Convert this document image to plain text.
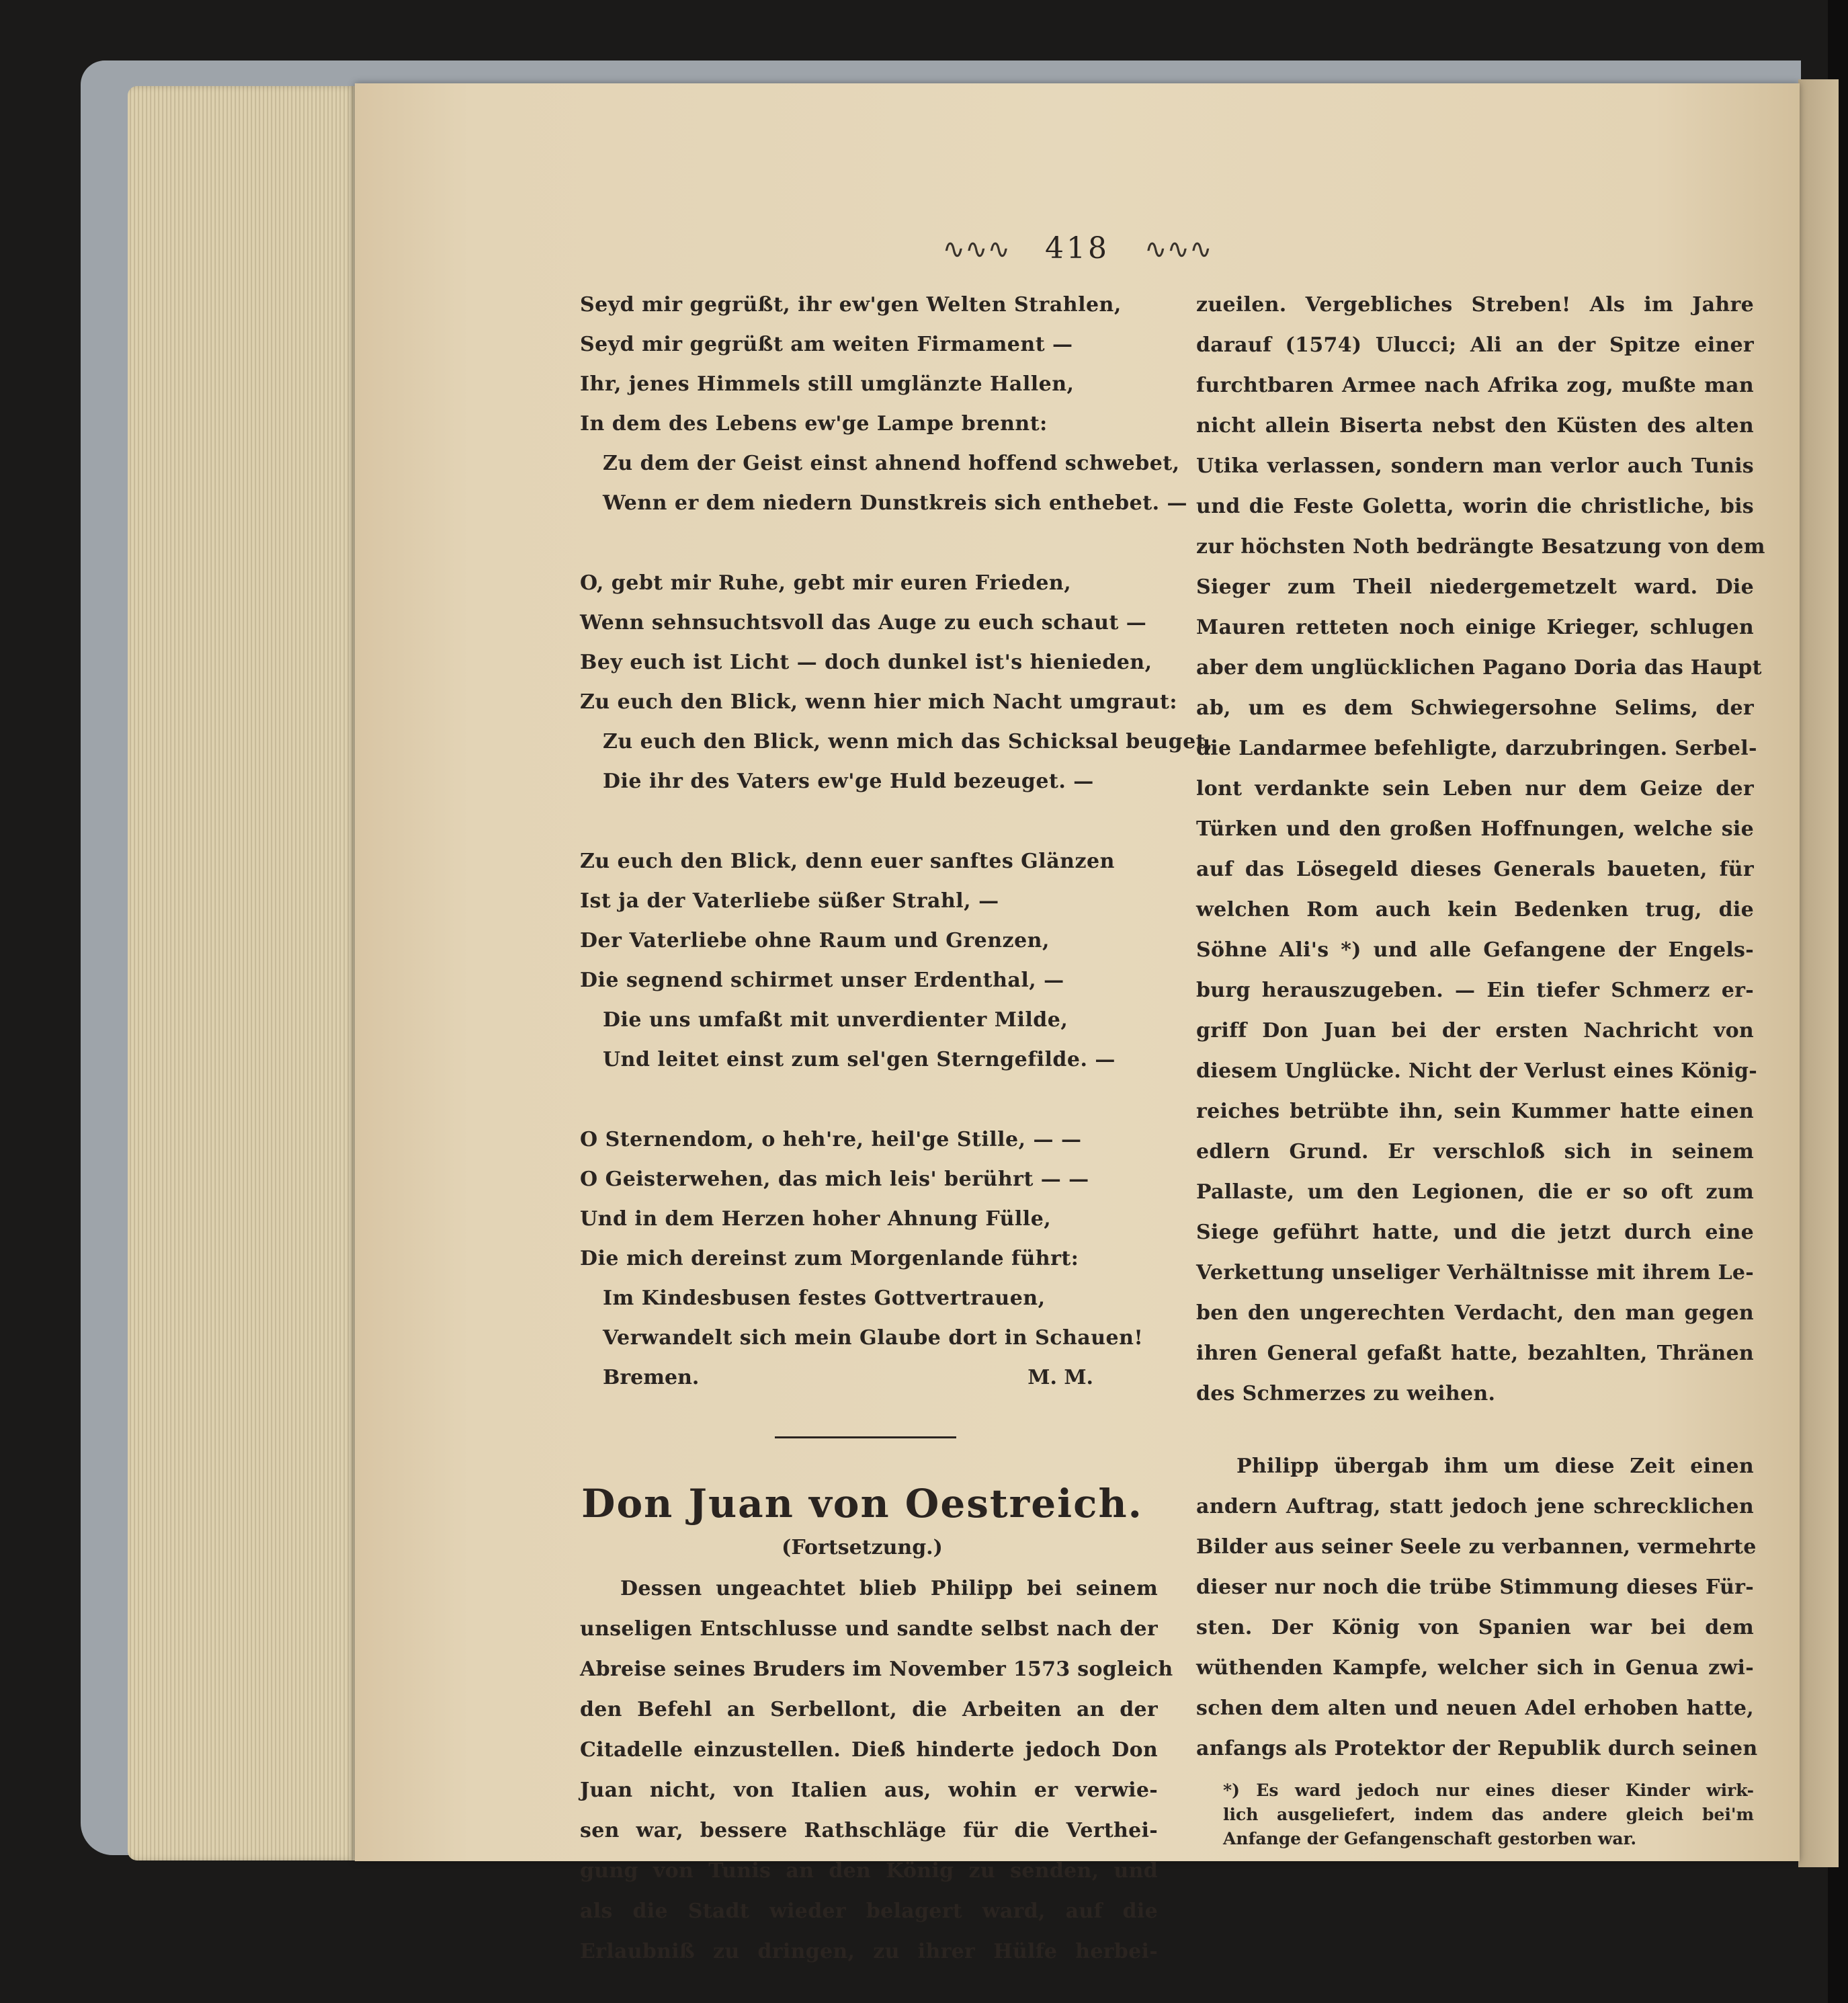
∿∿∿ 418 ∿∿∿
Seyd mir gegrüßt, ihr ew'gen Welten Strahlen,
Seyd mir gegrüßt am weiten Firmament —
Ihr, jenes Himmels still umglänzte Hallen,
In dem des Lebens ew'ge Lampe brennt:
Zu dem der Geist einst ahnend hoffend schwebet,
Wenn er dem niedern Dunstkreis sich enthebet. —
O, gebt mir Ruhe, gebt mir euren Frieden,
Wenn sehnsuchtsvoll das Auge zu euch schaut —
Bey euch ist Licht — doch dunkel ist's hienieden,
Zu euch den Blick, wenn hier mich Nacht umgraut:
Zu euch den Blick, wenn mich das Schicksal beuget,
Die ihr des Vaters ew'ge Huld bezeuget. —
Zu euch den Blick, denn euer sanftes Glänzen
Ist ja der Vaterliebe süßer Strahl, —
Der Vaterliebe ohne Raum und Grenzen,
Die segnend schirmet unser Erdenthal, —
Die uns umfaßt mit unverdienter Milde,
Und leitet einst zum sel'gen Sterngefilde. —
O Sternendom, o heh're, heil'ge Stille, — —
O Geisterwehen, das mich leis' berührt — —
Und in dem Herzen hoher Ahnung Fülle,
Die mich dereinst zum Morgenlande führt:
Im Kindesbusen festes Gottvertrauen,
Verwandelt sich mein Glaube dort in Schauen!
Bremen.	M. M.
Don Juan von Oestreich.
(Fortsetzung.)
Dessen ungeachtet blieb Philipp bei seinem
unseligen Entschlusse und sandte selbst nach der
Abreise seines Bruders im November 1573 sogleich
den Befehl an Serbellont, die Arbeiten an der
Citadelle einzustellen. Dieß hinderte jedoch Don
Juan nicht, von Italien aus, wohin er verwie-
sen war, bessere Rathschläge für die Verthei-
gung von Tunis an den König zu senden, und
als die Stadt wieder belagert ward, auf die
Erlaubniß zu dringen, zu ihrer Hülfe herbei-
zueilen. Vergebliches Streben! Als im Jahre
darauf (1574) Ulucci; Ali an der Spitze einer
furchtbaren Armee nach Afrika zog, mußte man
nicht allein Biserta nebst den Küsten des alten
Utika verlassen, sondern man verlor auch Tunis
und die Feste Goletta, worin die christliche, bis
zur höchsten Noth bedrängte Besatzung von dem
Sieger zum Theil niedergemetzelt ward. Die
Mauren retteten noch einige Krieger, schlugen
aber dem unglücklichen Pagano Doria das Haupt
ab, um es dem Schwiegersohne Selims, der
die Landarmee befehligte, darzubringen. Serbel-
lont verdankte sein Leben nur dem Geize der
Türken und den großen Hoffnungen, welche sie
auf das Lösegeld dieses Generals baueten, für
welchen Rom auch kein Bedenken trug, die
Söhne Ali's *) und alle Gefangene der Engels-
burg herauszugeben. — Ein tiefer Schmerz er-
griff Don Juan bei der ersten Nachricht von
diesem Unglücke. Nicht der Verlust eines König-
reiches betrübte ihn, sein Kummer hatte einen
edlern Grund. Er verschloß sich in seinem
Pallaste, um den Legionen, die er so oft zum
Siege geführt hatte, und die jetzt durch eine
Verkettung unseliger Verhältnisse mit ihrem Le-
ben den ungerechten Verdacht, den man gegen
ihren General gefaßt hatte, bezahlten, Thränen
des Schmerzes zu weihen.
Philipp übergab ihm um diese Zeit einen
andern Auftrag, statt jedoch jene schrecklichen
Bilder aus seiner Seele zu verbannen, vermehrte
dieser nur noch die trübe Stimmung dieses Für-
sten. Der König von Spanien war bei dem
wüthenden Kampfe, welcher sich in Genua zwi-
schen dem alten und neuen Adel erhoben hatte,
anfangs als Protektor der Republik durch seinen
*) Es ward jedoch nur eines dieser Kinder wirk-
lich ausgeliefert, indem das andere gleich bei'm
Anfange der Gefangenschaft gestorben war.
